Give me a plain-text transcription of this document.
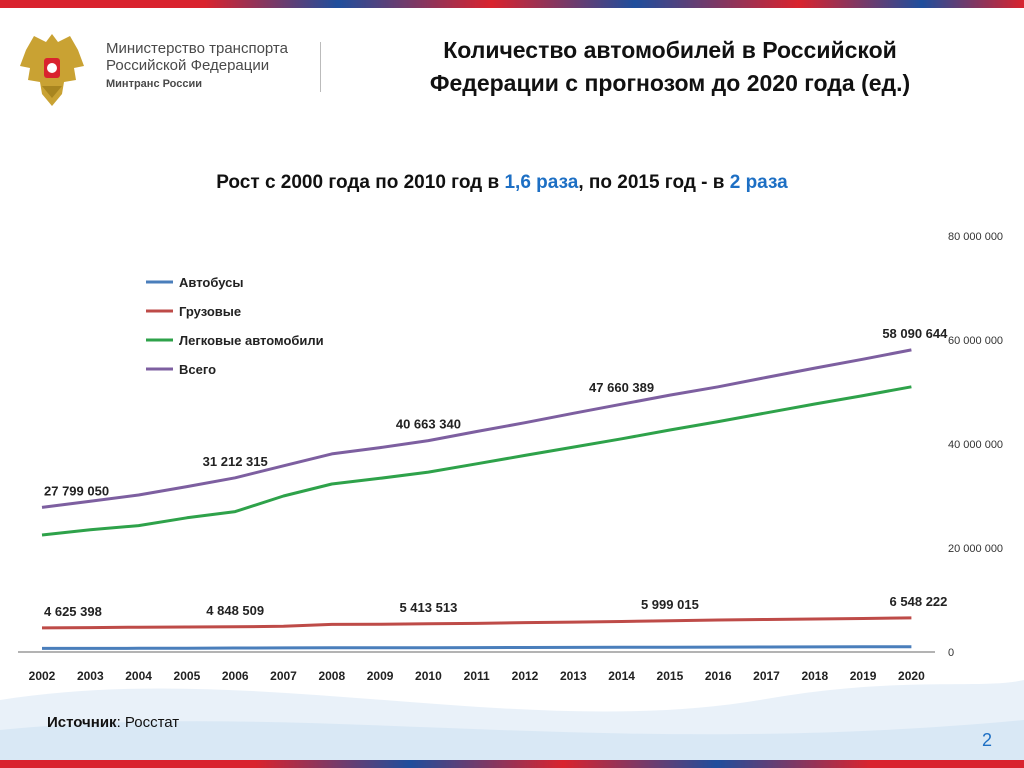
Министерство транспорта
Российской Федерации
Минтранс России
Количество автомобилей в Российской
Федерации с прогнозом до 2020 года (ед.)
Рост с 2000 года по 2010 год в 1,6 раза, по 2015 год - в 2 раза
0
20 000 000
40 000 000
60 000 000
80 000 000
2002 2003 2004 2005 2006 2007 2008 2009 2010 2011 2012 2013 2014 2015 2016 2017 2018 2019 2020
27 799 050
31 212 315
40 663 340
47 660 389
58 090 644
4 625 398	4 848 509	5 413 513	5 999 015	6 548 222
Автобусы
Грузовые
Легковые автомобили
Всего
Источник: Росстат
2
